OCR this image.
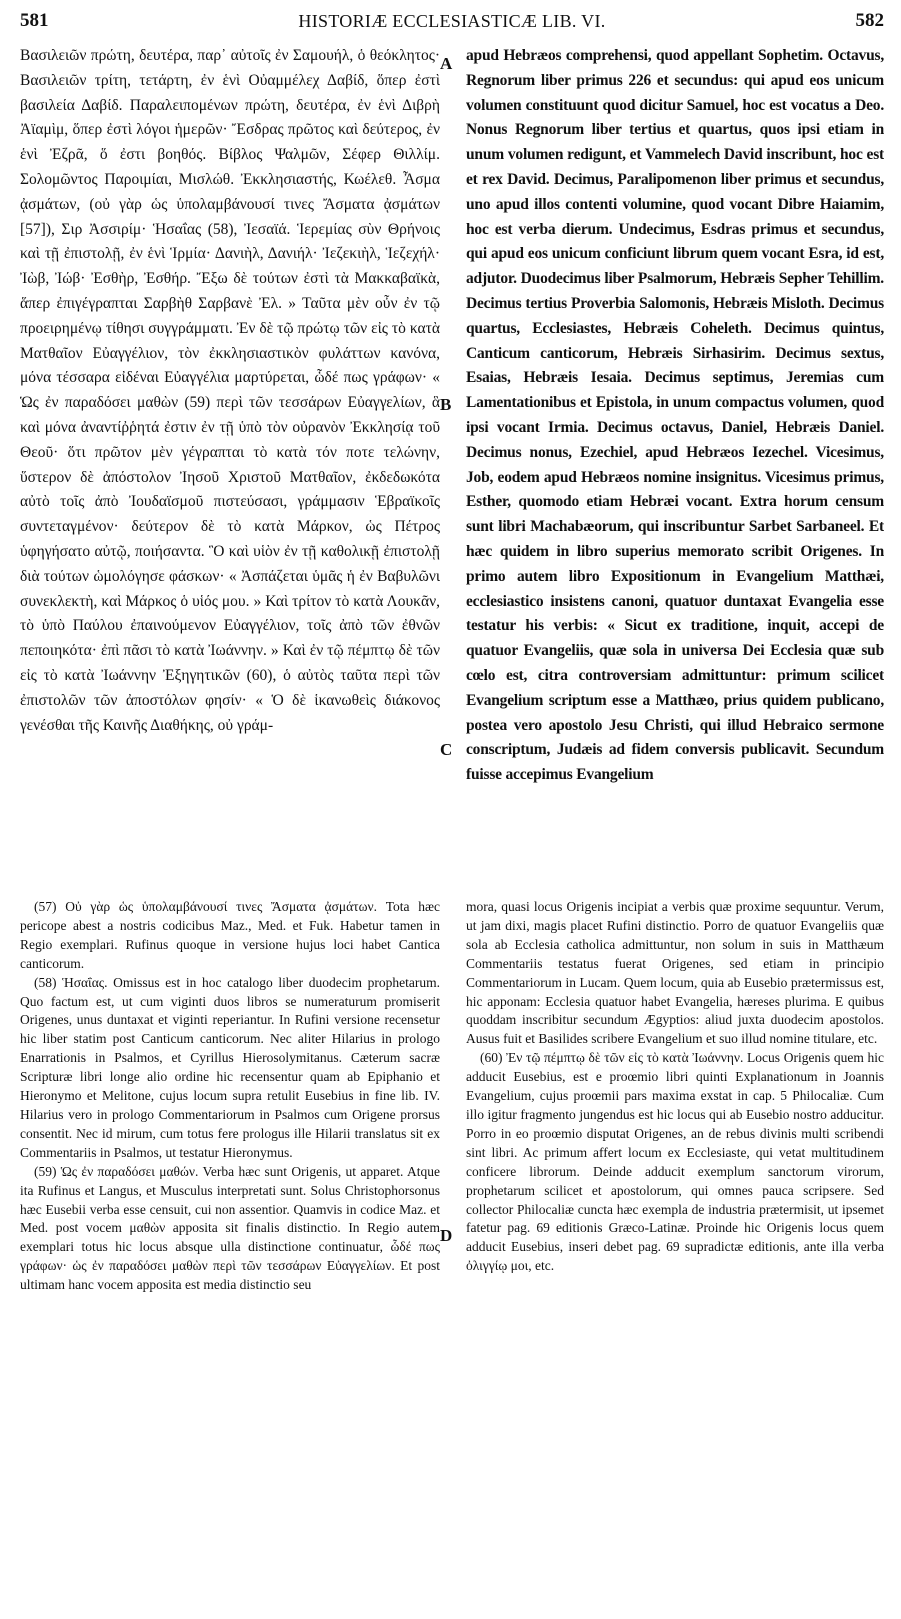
581	HISTORIÆ ECCLESIASTICÆ LIB. VI.	582

Βασιλειῶν πρώτη, δευτέρα, παρ᾽ αὐτοῖς ἐν Σαμουήλ, ὁ θεόκλητος· Βασιλειῶν τρίτη, τετάρτη, ἐν ἑνὶ Οὐαμμέλεχ Δαβίδ, ὅπερ ἐστὶ βασιλεία Δαβίδ. Παραλειπομένων πρώτη, δευτέρα, ἐν ἑνὶ Διβρὴ Ἀϊαμὶμ, ὅπερ ἐστὶ λόγοι ἡμερῶν· Ἔσδρας πρῶτος καὶ δεύτερος, ἐν ἑνὶ Ἐζρᾶ, ὅ ἐστι βοηθός. Βίβλος Ψαλμῶν, Σέφερ Θιλλίμ. Σολομῶντος Παροιμίαι, Μισλώθ. Ἐκκλησιαστής, Κωέλεθ. Ἆσμα ᾀσμάτων, (οὐ γὰρ ὡς ὑπολαμβάνουσί τινες Ἄσματα ᾀσμάτων [57]), Σιρ Ἀσσιρίμ· Ἡσαΐας (58), Ἰεσαϊά. Ἱερεμίας σὺν Θρήνοις καὶ τῇ ἐπιστολῇ, ἐν ἑνὶ Ἱρμία· Δανιὴλ, Δανιήλ· Ἰεζεκιὴλ, Ἱεζεχήλ· Ἰὼβ, Ἰώβ· Ἐσθὴρ, Ἐσθήρ. Ἔξω δὲ τούτων ἐστὶ τὰ Μακκαβαϊκὰ, ἅπερ ἐπιγέγραπται Σαρβὴθ Σαρβανὲ Ἐλ. » Ταῦτα μὲν οὖν ἐν τῷ προειρημένῳ τίθησι συγγράμματι. Ἐν δὲ τῷ πρώτῳ τῶν εἰς τὸ κατὰ Ματθαῖον Εὐαγγέλιον, τὸν ἐκκλησιαστικὸν φυλάττων κανόνα, μόνα τέσσαρα εἰδέναι Εὐαγγέλια μαρτύρεται, ὧδέ πως γράφων· « Ὡς ἐν παραδόσει μαθὼν (59) περὶ τῶν τεσσάρων Εὐαγγελίων, ἃ καὶ μόνα ἀναντίῤῥητά ἐστιν ἐν τῇ ὑπὸ τὸν οὐρανὸν Ἐκκλησίᾳ τοῦ Θεοῦ· ὅτι πρῶτον μὲν γέγραπται τὸ κατὰ τόν ποτε τελώνην, ὕστερον δὲ ἀπόστολον Ἰησοῦ Χριστοῦ Ματθαῖον, ἐκδεδωκότα αὐτὸ τοῖς ἀπὸ Ἰουδαϊσμοῦ πιστεύσασι, γράμμασιν Ἑβραϊκοῖς συντεταγμένον· δεύτερον δὲ τὸ κατὰ Μάρκον, ὡς Πέτρος ὑφηγήσατο αὐτῷ, ποιήσαντα. Ὃ καὶ υἱὸν ἐν τῇ καθολικῇ ἐπιστολῇ διὰ τούτων ὡμολόγησε φάσκων· « Ἀσπάζεται ὑμᾶς ἡ ἐν Βαβυλῶνι συνεκλεκτὴ, καὶ Μάρκος ὁ υἱός μου. » Καὶ τρίτον τὸ κατὰ Λουκᾶν, τὸ ὑπὸ Παύλου ἐπαινούμενον Εὐαγγέλιον, τοῖς ἀπὸ τῶν ἐθνῶν πεποιηκότα· ἐπὶ πᾶσι τὸ κατὰ Ἰωάννην. » Καὶ ἐν τῷ πέμπτῳ δὲ τῶν εἰς τὸ κατὰ Ἰωάννην Ἐξηγητικῶν (60), ὁ αὐτὸς ταῦτα περὶ τῶν ἐπιστολῶν τῶν ἀποστόλων φησίν· « Ὁ δὲ ἱκανωθεὶς διάκονος γενέσθαι τῆς Καινῆς Διαθήκης, οὐ γράμ-

A
B
C
D

apud Hebræos comprehensi, quod appellant Sophetim. Octavus, Regnorum liber primus 226 et secundus: qui apud eos unicum volumen constituunt quod dicitur Samuel, hoc est vocatus a Deo. Nonus Regnorum liber tertius et quartus, quos ipsi etiam in unum volumen redigunt, et Vammelech David inscribunt, hoc est et rex David. Decimus, Paralipomenon liber primus et secundus, uno apud illos contenti volumine, quod vocant Dibre Haiamim, hoc est verba dierum. Undecimus, Esdras primus et secundus, qui apud eos unicum conficiunt librum quem vocant Esra, id est, adjutor. Duodecimus liber Psalmorum, Hebræis Sepher Tehillim. Decimus tertius Proverbia Salomonis, Hebræis Misloth. Decimus quartus, Ecclesiastes, Hebræis Coheleth. Decimus quintus, Canticum canticorum, Hebræis Sirhasirim. Decimus sextus, Esaias, Hebræis Iesaia. Decimus septimus, Jeremias cum Lamentationibus et Epistola, in unum compactus volumen, quod ipsi vocant Irmia. Decimus octavus, Daniel, Hebræis Daniel. Decimus nonus, Ezechiel, apud Hebræos Iezechel. Vicesimus, Job, eodem apud Hebræos nomine insignitus. Vicesimus primus, Esther, quomodo etiam Hebræi vocant. Extra horum censum sunt libri Machabæorum, qui inscribuntur Sarbet Sarbaneel. Et hæc quidem in libro superius memorato scribit Origenes. In primo autem libro Expositionum in Evangelium Matthæi, ecclesiastico insistens canoni, quatuor duntaxat Evangelia esse testatur his verbis: « Sicut ex traditione, inquit, accepi de quatuor Evangeliis, quæ sola in universa Dei Ecclesia quæ sub cœlo est, citra controversiam admittuntur: primum scilicet Evangelium scriptum esse a Matthæo, prius quidem publicano, postea vero apostolo Jesu Christi, qui illud Hebraico sermone conscriptum, Judæis ad fidem conversis publicavit. Secundum fuisse accepimus Evangelium

(57) Οὐ γὰρ ὡς ὑπολαμβάνουσί τινες Ἄσματα ᾀσμάτων. Tota hæc pericope abest a nostris codicibus Maz., Med. et Fuk. Habetur tamen in Regio exemplari. Rufinus quoque in versione hujus loci habet Cantica canticorum.

(58) Ἡσαΐας. Omissus est in hoc catalogo liber duodecim prophetarum. Quo factum est, ut cum viginti duos libros se numeraturum promiserit Origenes, unus duntaxat et viginti reperiantur. In Rufini versione recensetur hic liber statim post Canticum canticorum. Nec aliter Hilarius in prologo Enarrationis in Psalmos, et Cyrillus Hierosolymitanus. Cæterum sacræ Scripturæ libri longe alio ordine hic recensentur quam ab Epiphanio et Hieronymo et Melitone, cujus locum supra retulit Eusebius in fine lib. IV. Hilarius vero in prologo Commentariorum in Psalmos cum Origene prorsus consentit. Nec id mirum, cum totus fere prologus ille Hilarii translatus sit ex Commentariis in Psalmos, ut testatur Hieronymus.

(59) Ὡς ἐν παραδόσει μαθών. Verba hæc sunt Origenis, ut apparet. Atque ita Rufinus et Langus, et Musculus interpretati sunt. Solus Christophorsonus hæc Eusebii verba esse censuit, cui non assentior. Quamvis in codice Maz. et Med. post vocem μαθὼν apposita sit finalis distinctio. In Regio autem exemplari totus hic locus absque ulla distinctione continuatur, ὧδέ πως γράφων· ὡς ἐν παραδόσει μαθὼν περὶ τῶν τεσσάρων Εὐαγγελίων. Et post ultimam hanc vocem apposita est media distinctio seu

mora, quasi locus Origenis incipiat a verbis quæ proxime sequuntur. Verum, ut jam dixi, magis placet Rufini distinctio. Porro de quatuor Evangeliis quæ sola ab Ecclesia catholica admittuntur, non solum in suis in Matthæum Commentariis testatus fuerat Origenes, sed etiam in principio Commentariorum in Lucam. Quem locum, quia ab Eusebio prætermissus est, hic apponam: Ecclesia quatuor habet Evangelia, hæreses plurima. E quibus quoddam inscribitur secundum Ægyptios: aliud juxta duodecim apostolos. Ausus fuit et Basilides scribere Evangelium et suo illud nomine titulare, etc.

(60) Ἐν τῷ πέμπτῳ δὲ τῶν εἰς τὸ κατὰ Ἰωάννην. Locus Origenis quem hic adducit Eusebius, est e proœmio libri quinti Explanationum in Joannis Evangelium, cujus proœmii pars maxima exstat in cap. 5 Philocaliæ. Cum illo igitur fragmento jungendus est hic locus qui ab Eusebio nostro adducitur. Porro in eo proœmio disputat Origenes, an de rebus divinis multi scribendi sint libri. Ac primum affert locum ex Ecclesiaste, qui vetat multitudinem conficere librorum. Deinde adducit exemplum sanctorum virorum, prophetarum scilicet et apostolorum, qui omnes pauca scripsere. Sed collector Philocaliæ cuncta hæc exempla de industria prætermisit, ut ipsemet fatetur pag. 69 editionis Græco-Latinæ. Proinde hic Origenis locus quem adducit Eusebius, inseri debet pag. 69 supradictæ editionis, ante illa verba ὀλιγγίῳ μοι, etc.
